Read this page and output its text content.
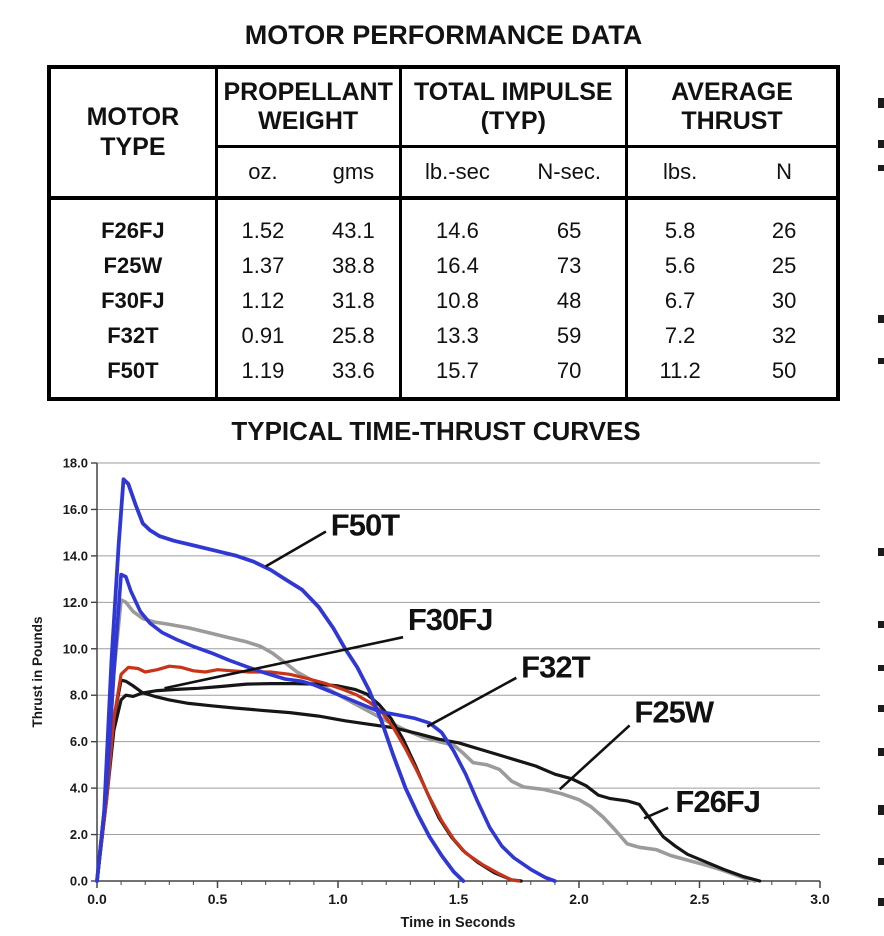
MOTOR PERFORMANCE DATA
MOTOR TYPE	PROPELLANT WEIGHT		TOTAL IMPULSE (TYP)		AVERAGE THRUST	
	oz.	gms	lb.-sec	N-sec.	lbs.	N
F26FJ	1.52	43.1	14.6	65	5.8	26
F25W	1.37	38.8	16.4	73	5.6	25
F30FJ	1.12	31.8	10.8	48	6.7	30
F32T	0.91	25.8	13.3	59	7.2	32
F50T	1.19	33.6	15.7	70	11.2	50
TYPICAL TIME-THRUST CURVES
0.0
2.0
4.0
6.0
8.0
10.0
12.0
14.0
16.0
18.0
0.0	0.5	1.0	1.5	2.0	2.5	3.0
Thrust in Pounds
Time in Seconds
F50T
F30FJ
F32T
F25W
F26FJ
